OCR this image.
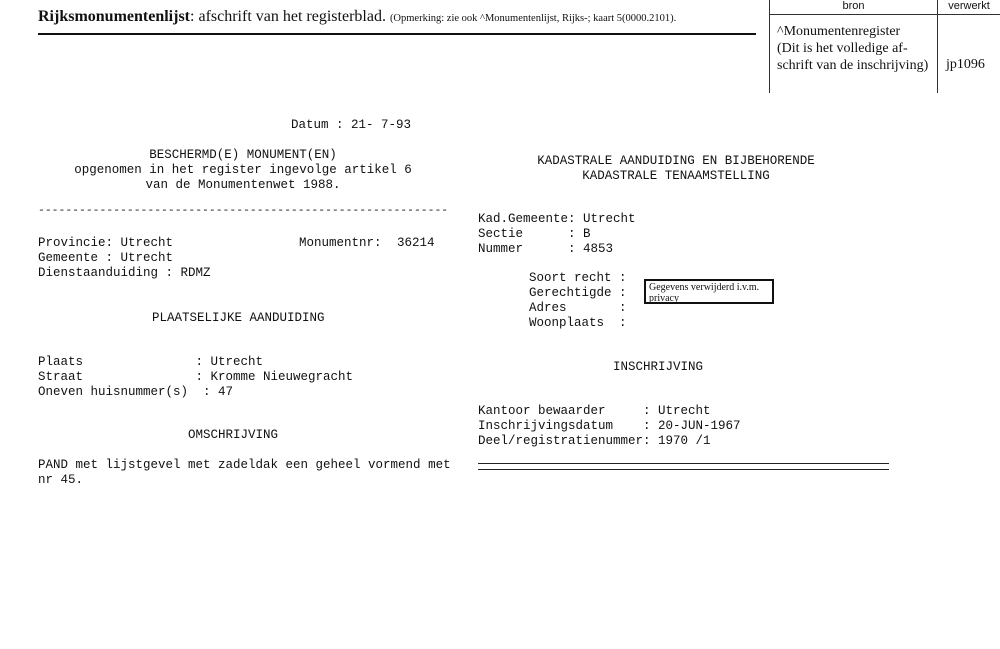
Rijksmonumentenlijst: afschrift van het registerblad. (Opmerking: zie ook ^Monumentenlijst, Rijks-; kaart 5(0000.2101).
bron	verwerkt
^Monumentenregister
(Dit is het volledige af-
schrift van de inschrijving) jp1096
Datum : 21- 7-93
BESCHERMD(E) MONUMENT(EN)
opgenomen in het register ingevolge artikel 6
van de Monumentenwet 1988.
------------------------------------------------------------
Provincie: Utrecht	Monumentnr: 36214
Gemeente : Utrecht
Dienstaanduiding : RDMZ
PLAATSELIJKE AANDUIDING
Plaats               : Utrecht
Straat               : Kromme Nieuwegracht
Oneven huisnummer(s)  : 47
OMSCHRIJVING
PAND met lijstgevel met zadeldak een geheel vormend met
nr 45.
KADASTRALE AANDUIDING EN BIJBEHORENDE
KADASTRALE TENAAMSTELLING
Kad.Gemeente: Utrecht
Sectie      : B
Nummer      : 4853
Soort recht :
Gerechtigde :
Adres       :
Woonplaats  :
Gegevens verwijderd i.v.m. privacy
INSCHRIJVING
Kantoor bewaarder     : Utrecht
Inschrijvingsdatum    : 20-JUN-1967
Deel/registratienummer: 1970 /1
